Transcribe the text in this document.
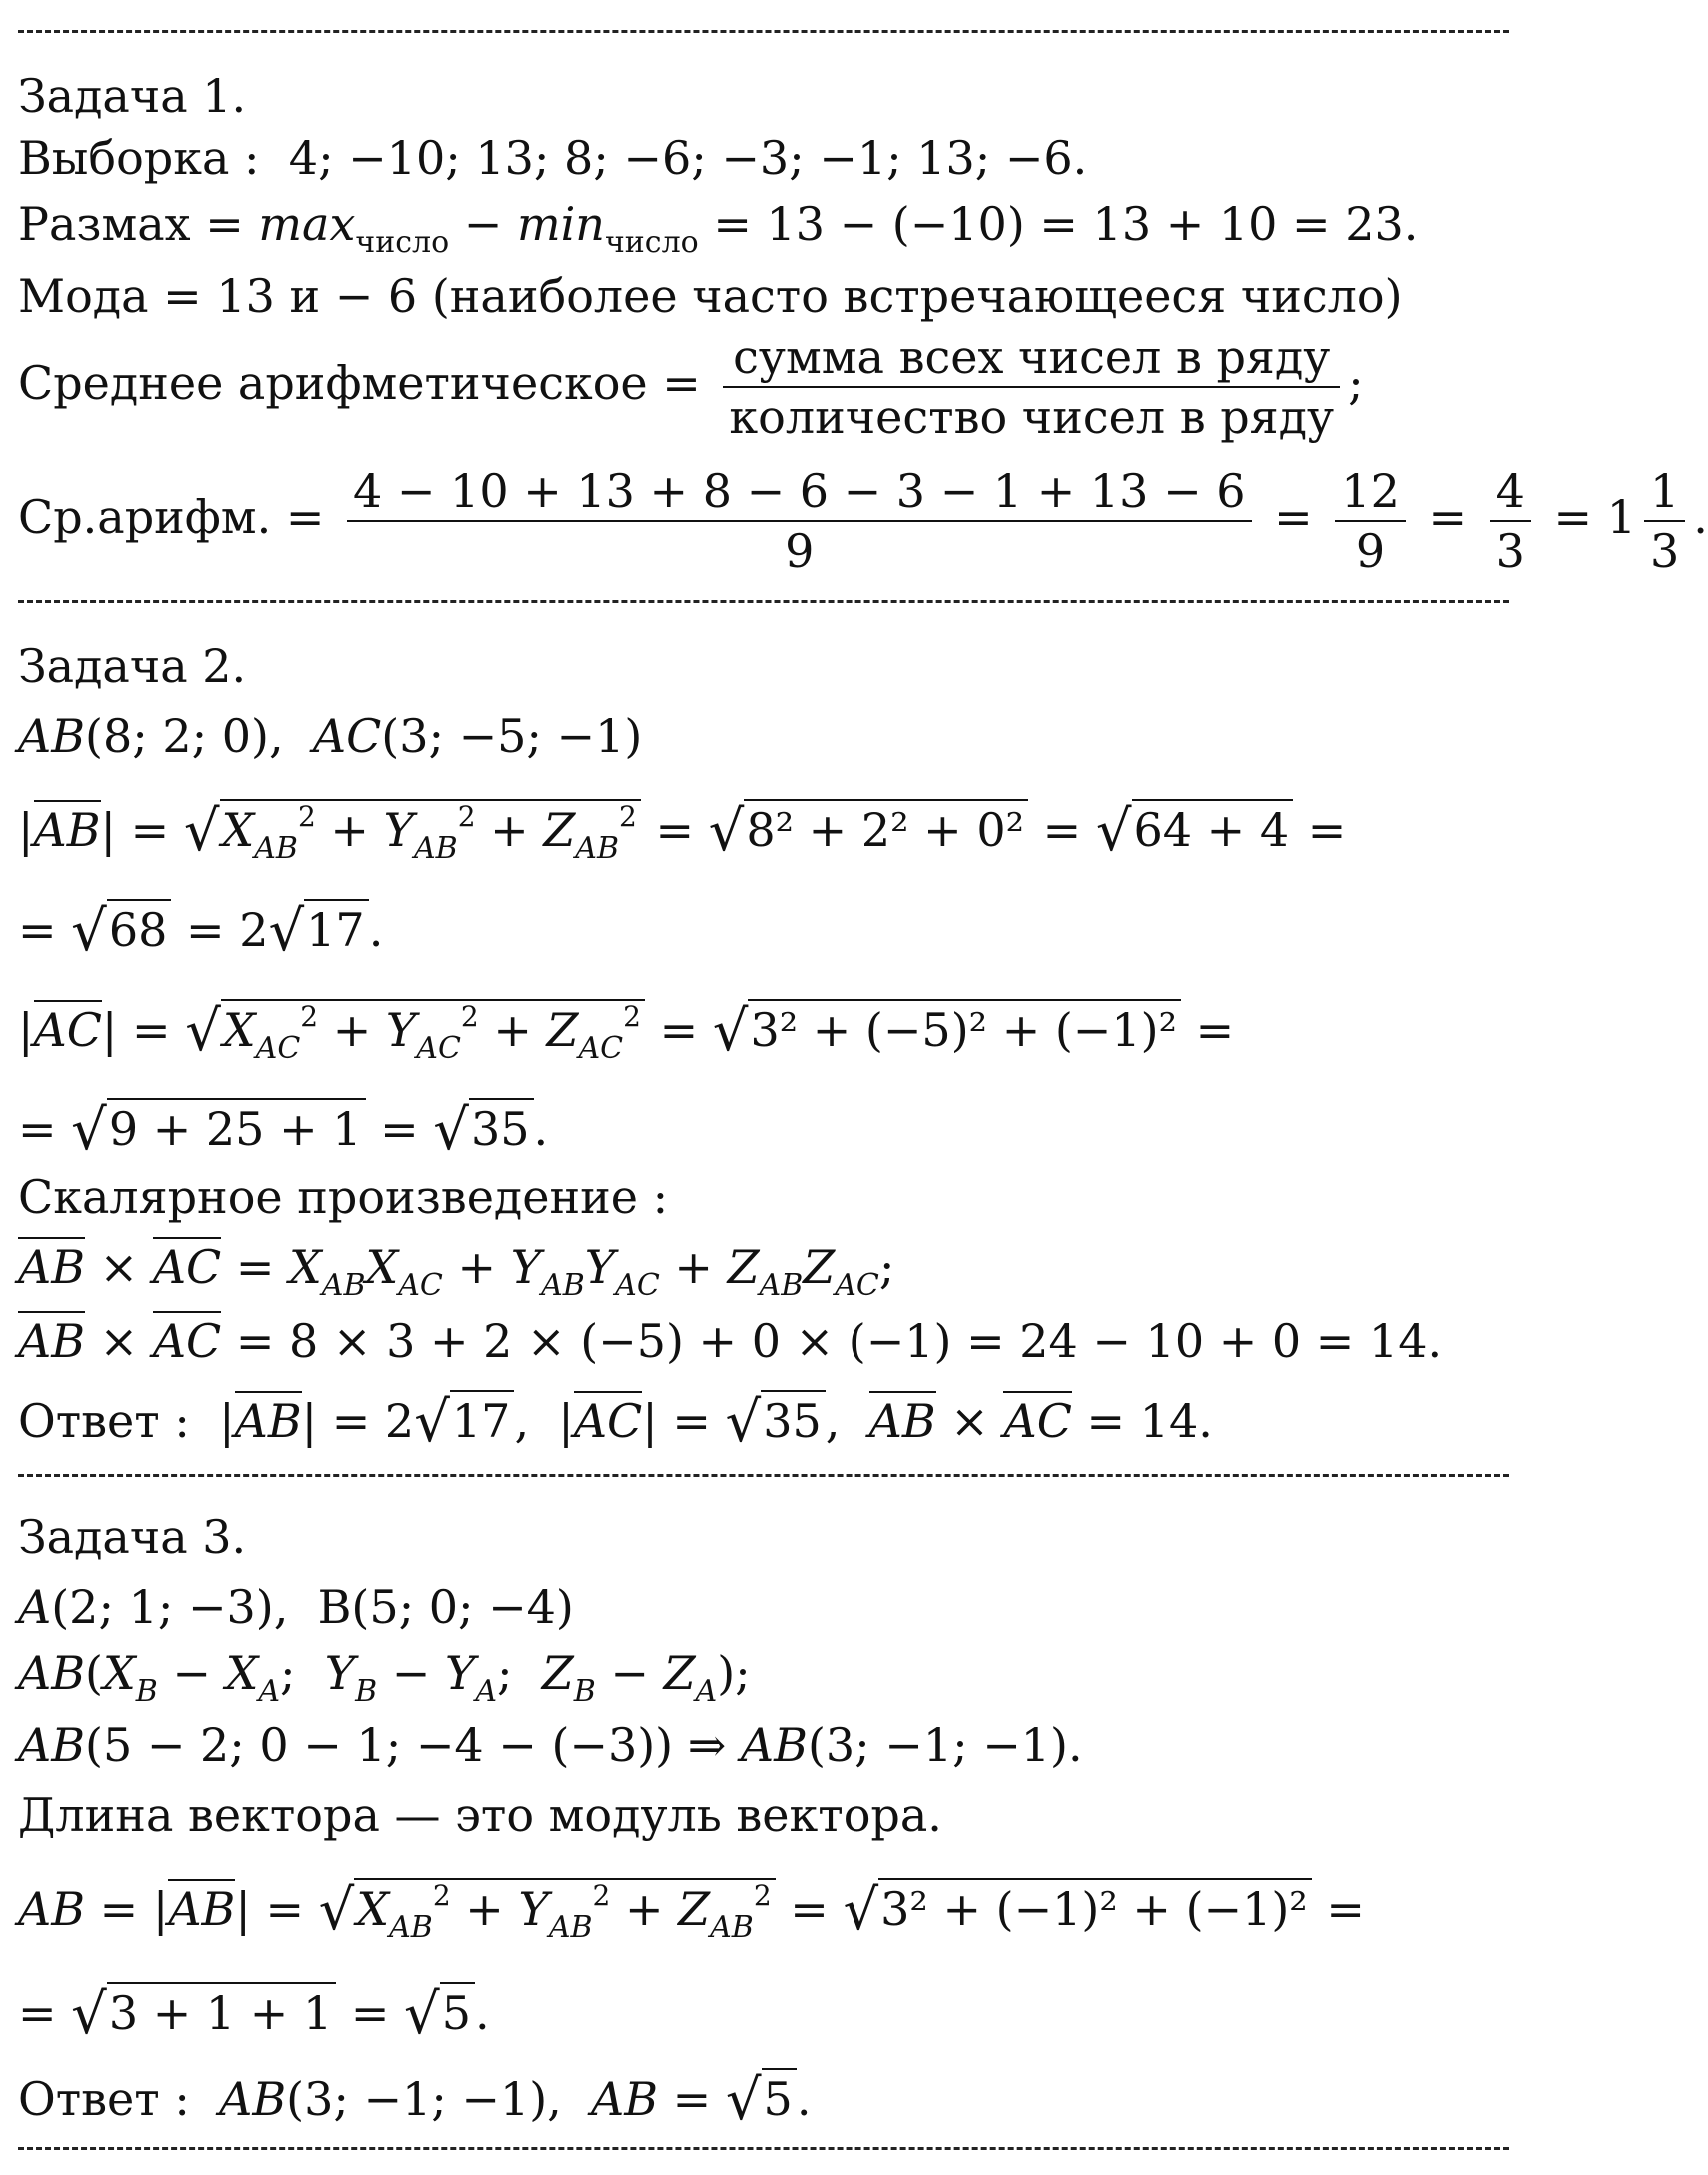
Задача 1.
Выборка : 4; −10; 13; 8; −6; −3; −1; 13; −6.
Размах = $\max_{число} - \min_{число} = 13 - (-10) = 13 + 10 = 23$.
Мода = 13 и − 6 (наиболее часто встречающееся число)
Среднее арифметическое = $\frac{\text{сумма всех чисел в ряду}}{\text{количество чисел в ряду}}$ ;
Ср.арифм. = $\frac{4 - 10 + 13 + 8 - 6 - 3 - 1 + 13 - 6}{9} = \frac{12}{9} = \frac{4}{3} = 1 \frac{1}{3}$ .
Задача 2.
AB(8; 2; 0), AC(3; −5; −1)
$|AB| = √X_{AB}^2 + Y_{AB}^2 + Z_{AB}^2 = √8^2 + 2^2 + 0^2 = √64 + 4$ =
= √68 = 2√17.
$|AC| = √X_{AC}^2 + Y_{AC}^2 + Z_{AC}^2 = √3^2 + (-5)^2 + (-1)^2$ =
= √9 + 25 + 1 = √35.
Скалярное произведение :
AB × AC = $X_{AB}X_{AC} + Y_{AB}Y_{AC} + Z_{AB}Z_{AC}$;
AB × AC = 8 × 3 + 2 × (−5) + 0 × (−1) = 24 − 10 + 0 = 14.
Ответ :  |AB| = 2√17,  |AC| = √35,  AB × AC = 14.
Задача 3.
A(2; 1; −3), B(5; 0; −4)
$AB(X_B - X_A$;  $Y_B - Y_A$;  $Z_B - Z_A$);
AB(5 − 2; 0 − 1; −4 − (−3)) ⇒ AB(3; −1; −1).
Длина вектора — это модуль вектора.
AB = $|AB| = √X_{AB}^2 + Y_{AB}^2 + Z_{AB}^2 = √3^2 + (-1)^2 + (-1)^2$ =
= √3 + 1 + 1 = √5.
Ответ : AB(3; −1; −1), AB = √5.
